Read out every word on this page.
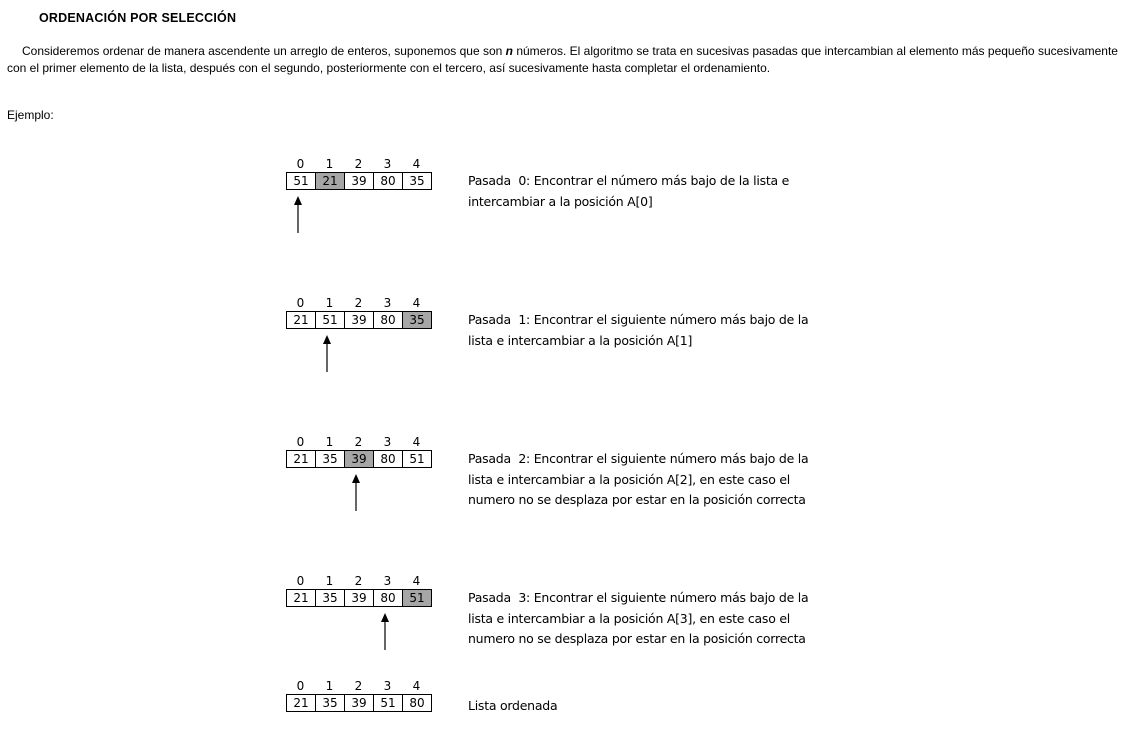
ORDENACIÓN POR SELECCIÓN

Consideremos ordenar de manera ascendente un arreglo de enteros, suponemos que son n números. El algoritmo se trata en sucesivas pasadas que intercambian al elemento más pequeño sucesivamente con el primer elemento de la lista, después con el segundo, posteriormente con el tercero, así sucesivamente hasta completar el ordenamiento.

Ejemplo:
0	1	2	3	4
51	21	39	80	35	Pasada  0: Encontrar el número más bajo de la lista e
intercambiar a la posición A[0]
0	1	2	3	4
21	51	39	80	35	Pasada  1: Encontrar el siguiente número más bajo de la
lista e intercambiar a la posición A[1]
0	1	2	3	4
21	35	39	80	51	Pasada  2: Encontrar el siguiente número más bajo de la
lista e intercambiar a la posición A[2], en este caso el
numero no se desplaza por estar en la posición correcta
0	1	2	3	4
21	35	39	80	51	Pasada  3: Encontrar el siguiente número más bajo de la
lista e intercambiar a la posición A[3], en este caso el
numero no se desplaza por estar en la posición correcta
0	1	2	3	4
21	35	39	51	80	Lista ordenada
